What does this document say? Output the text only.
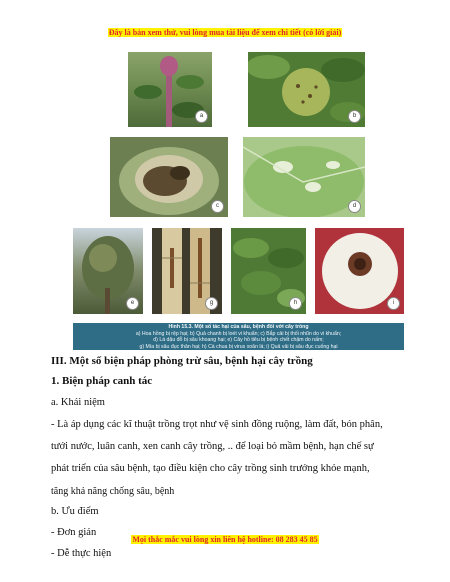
Đây là bản xem thử, vui lòng mua tài liệu để xem chi tiết (có lời giải)
a	b
c	d
e	g	h	i
Hình 15.3. Một số tác hại của sâu, bệnh đối với cây trồng
a) Hoa hồng bị rệp hại; b) Quả chanh bị loét vi khuẩn; c) Bắp cải bị thối nhũn do vi khuẩn;
d) Lá dậu đỗ bị sâu khoang hại; e) Cây hồ tiêu bị bệnh chết chậm do nấm;
g) Mía bị sâu đục thân hại; h) Cà chua bị virus xoăn lá; i) Quả vải bị sâu đục cuống hại
III. Một số biện pháp phòng trừ sâu, bệnh hại cây trồng
1. Biện pháp canh tác
a. Khái niệm
- Là áp dụng các kĩ thuật trồng trọt như vệ sinh đồng ruộng, làm đất, bón phân,
tưới nước, luân canh, xen canh cây trồng, .. để loại bỏ mầm bệnh, hạn chế sự
phát triển của sâu bệnh, tạo điều kiện cho cây trồng sinh trưởng khỏe mạnh,
tăng khả năng chống sâu, bệnh
b. Ưu điểm
- Đơn giản
- Dễ thực hiện
Mọi thắc mắc vui lòng xin liên hệ hotline: 08 283 45 85
